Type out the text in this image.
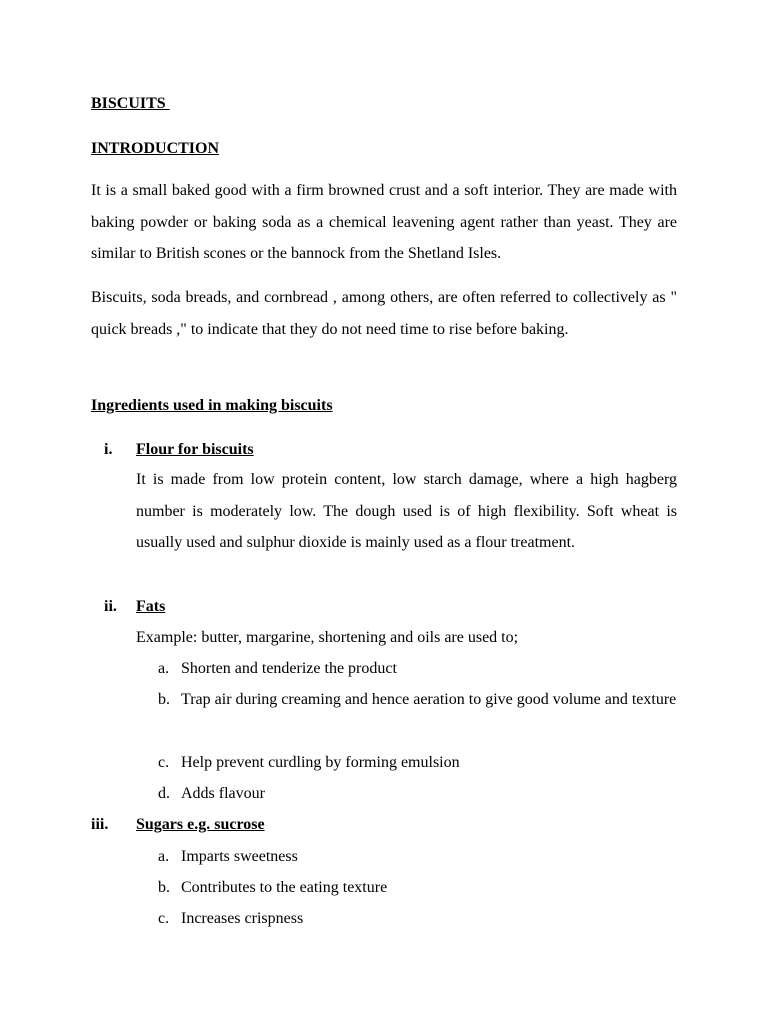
BISCUITS
INTRODUCTION
It is a small baked good with a firm browned crust and a soft interior. They are made with baking powder or baking soda as a chemical leavening agent rather than yeast. They are similar to British scones or the bannock from the Shetland Isles.
Biscuits, soda breads, and cornbread , among others, are often referred to collectively as " quick breads ," to indicate that they do not need time to rise before baking.
Ingredients used in making biscuits
i.	Flour for biscuits
It is made from low protein content, low starch damage, where a high hagberg number is moderately low. The dough used is of high flexibility. Soft wheat is usually used and sulphur dioxide is mainly used as a flour treatment.
ii.	Fats
Example: butter, margarine, shortening and oils are used to;
a. Shorten and tenderize the product
b. Trap air during creaming and hence aeration to give good volume and texture
c. Help prevent curdling by forming emulsion
d. Adds flavour
iii.	Sugars e.g. sucrose
a. Imparts sweetness
b. Contributes to the eating texture
c. Increases crispness
